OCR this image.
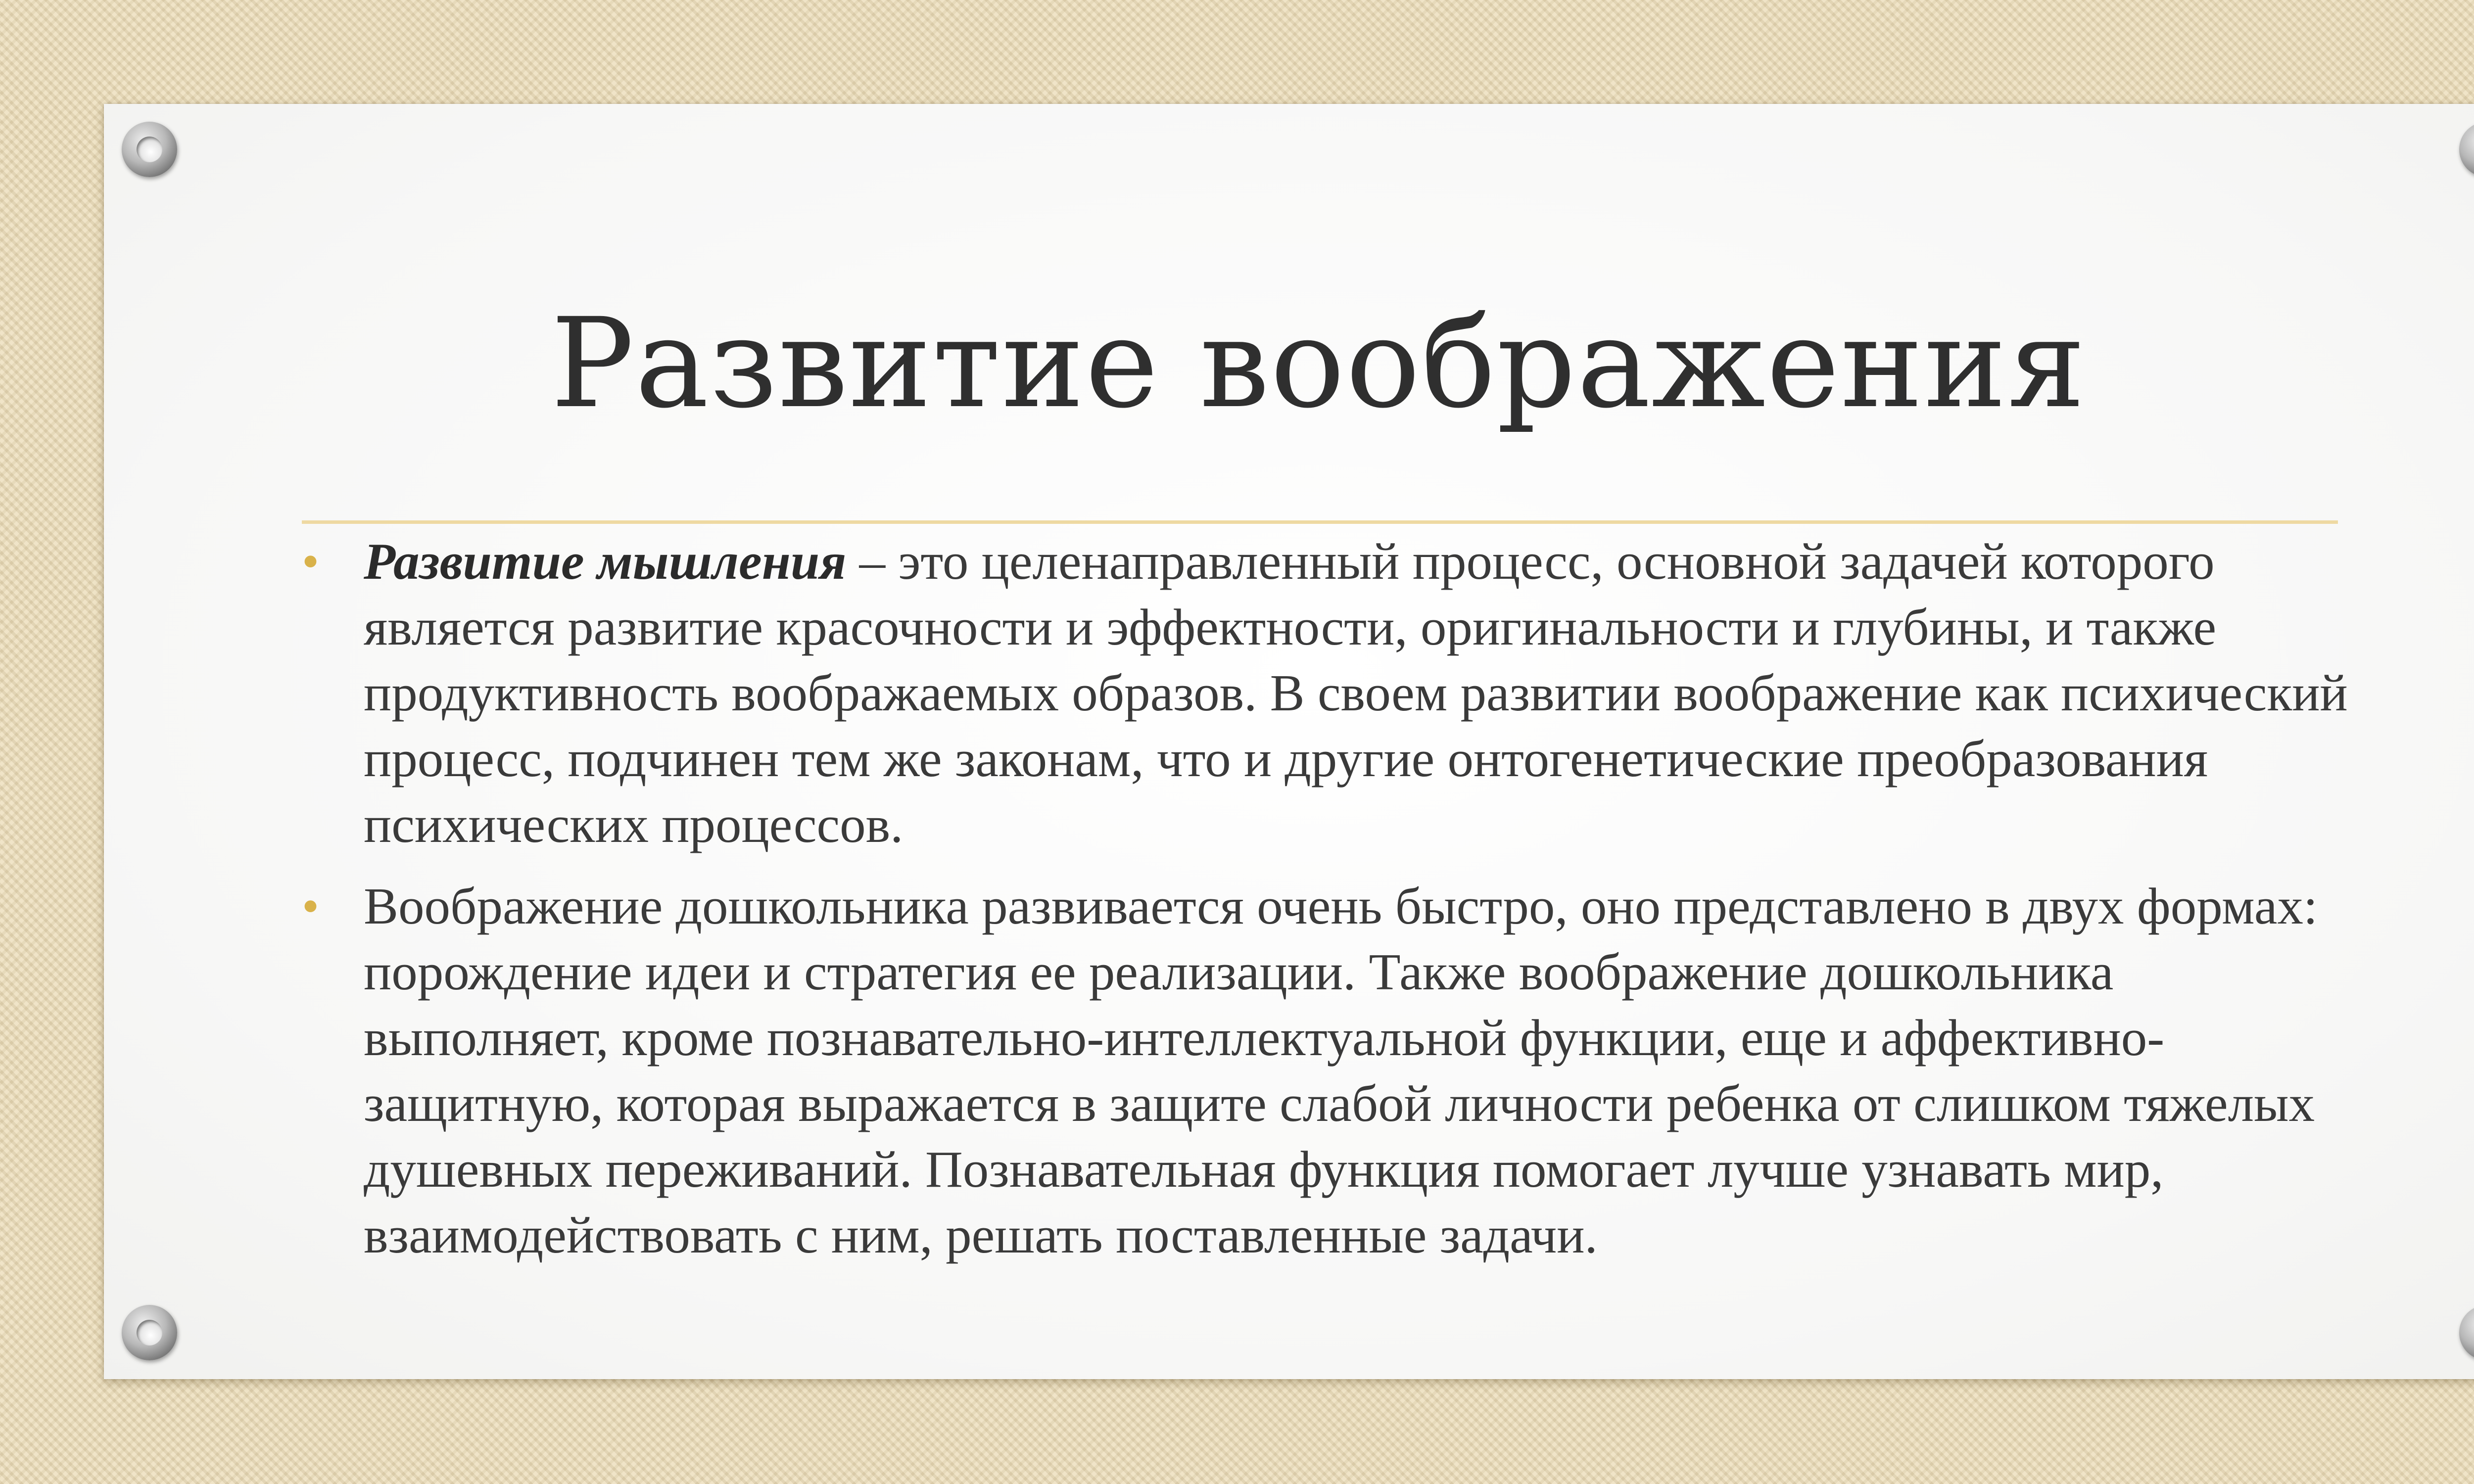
Развитие воображения
• Развитие мышления – это целенаправленный процесс, основной задачей которого является развитие красочности и эффектности, оригинальности и глубины, и также продуктивность воображаемых образов. В своем развитии воображение как психический процесс, подчинен тем же законам, что и другие онтогенетические преобразования психических процессов.
• Воображение дошкольника развивается очень быстро, оно представлено в двух формах: порождение идеи и стратегия ее реализации. Также воображение дошкольника выполняет, кроме познавательно-интеллектуальной функции, еще и аффективно-защитную, которая выражается в защите слабой личности ребенка от слишком тяжелых душевных переживаний. Познавательная функция помогает лучше узнавать мир, взаимодействовать с ним, решать поставленные задачи.
